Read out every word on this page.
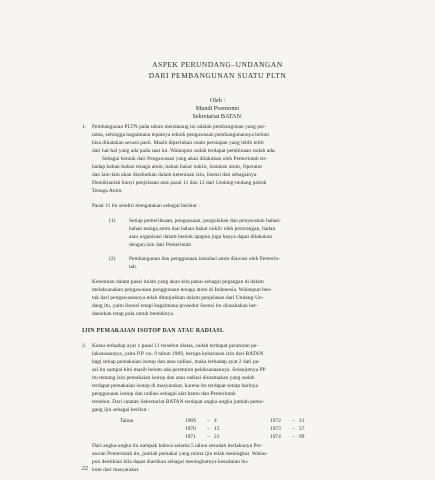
ASPEK PERUNDANG–UNDANGAN
DARI PEMBANGUNAN SUATU PLTN
Oleh :
Mundi Poernomo
Sekretariat BATAN.
1. Pembangunan PLTN pada tahun mendatang ini adalah pembangunan yang per-
tama, sehingga bagaimana tepatnya teknik pengawasan pembangunannya belum
bisa dikatakan secara pasti. Masih diperlukan suatu persiapan yang lebih teliti
dari hal-hal yang ada pada saat ini. Walaupun sudah terdapat pembinaan sudah ada.
Sebagai bentuk dari Pengawasan yang akan dilakukan oleh Pemerintah ter-
hadap bahan-bahan tenaga atom, bahan bakar nuklir, instalasi atom, Operator
dan lain-lain akan disebutkan dalam ketentuan izin, lisensi dan sebagainya.
Demikianlah bunyi penjelasan atas pasal 11 dan 12 dari Undang-undang pokok
Tenaga Atom.
Pasal 11 itu sendiri mengatakan sebagai berikut :
(1)	Setiap pemeriksaan, penguasaan, pengolahan dan penyerahan bahan-
bahan tenaga atom dan bahan bakar nuklir oleh perorangan, badan
atau organisasi dalam bentuk apapun juga hanya dapat dilakukan
dengan izin dari Pemerintah
(2)	Pembangunan dan penggunaan instalasi atom diawasi oleh Pemerin-
tah.
Ketentuan dalam pasal itulah yang akan kita pakai sebagai pegangan di dalam
melaksanakan pengawasan penggunaan tenaga atom di Indonesia. Walaupun ben-
tuk dari pengawasannya telah ditunjukkan dalam penjelasan dari Undang-Un-
dang itu, yaitu lisensi tetapi bagaimana prosedur lisensi itu diusahakan ber-
dasarkan tetap pula untuk bentuknya.
IJIN PEMAKAIAN ISOTOP DAN ATAU RADIASI.
2. Kalau terhadap ayat 1 pasal 11 tersebut diatas, sudah terdapat peraturan pe-
laksanaannya, yaitu P.P. no. 9 tahun 1969, berupa keharusan izin dari BATAN
bagi setiap pemakaian isotop dan atau radiasi, maka terhadap ayat 2 dari pa-
sal itu sampai kini masih belum ada peraturan pelaksanaannya. Selanjutnya PP
itu tentang izin pemakaian isotop dan atau radiasi diutamakan yang sudah
terdapat pemakaian isotop di masyarakat, karena itu terdapat setiap harinya
penggunaan isotop dan radiasi sebagai alat bantu dan Pemerintah
tersebut. Dari catatan Sekretariat BATAN terdapat angka-angka jumlah pemo-
gang ijin sebagai berikut :
Tahun	1969 – 4	1972 – 21
1970 – 15	1973 – 57
1971 – 21	1974 – 99
Dari angka-angka itu nampak bahwa selama 5 tahun sesudah berlakunya Per-
aturan Pemerintah itu, jumlah pemakai yang minta ijin telah meningkat. Walau-
pun demikian bila dapat diartikan sebagai meningkatnya kesadaran hu-
kum dari masyarakat.
22
